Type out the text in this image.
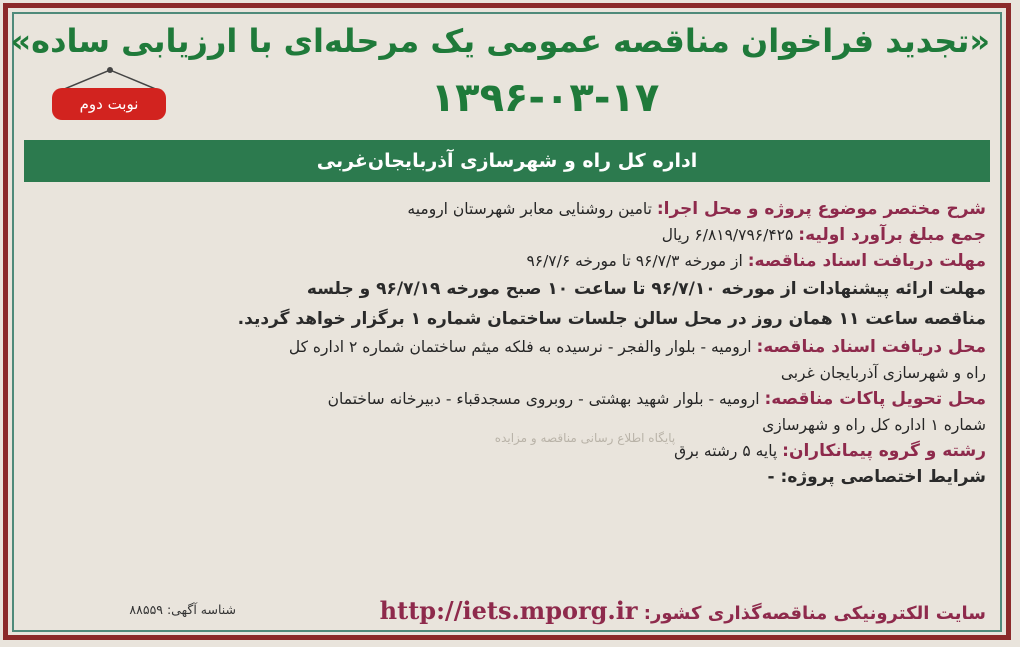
«تجدید فراخوان مناقصه عمومی یک مرحله‌ای با ارزیابی ساده»
۱۳۹۶-۰۳-۱۷
نوبت دوم
اداره کل راه و شهرسازی آذربایجان‌غربی
شرح مختصر موضوع پروژه و محل اجرا: تامین روشنایی معابر شهرستان ارومیه
جمع مبلغ برآورد اولیه: ۶/۸۱۹/۷۹۶/۴۲۵ ریال
مهلت دریافت اسناد مناقصه: از مورخه ۹۶/۷/۳ تا مورخه ۹۶/۷/۶
مهلت ارائه پیشنهادات از مورخه ۹۶/۷/۱۰ تا ساعت ۱۰ صبح مورخه ۹۶/۷/۱۹ و جلسه
مناقصه ساعت ۱۱ همان روز در محل سالن جلسات ساختمان شماره ۱ برگزار خواهد گردید.
محل دریافت اسناد مناقصه: ارومیه - بلوار والفجر - نرسیده به فلکه میثم ساختمان شماره ۲ اداره کل
راه و شهرسازی آذربایجان غربی
محل تحویل پاکات مناقصه: ارومیه - بلوار شهید بهشتی - روبروی مسجدقباء - دبیرخانه ساختمان
شماره ۱ اداره کل راه و شهرسازی
رشته و گروه پیمانکاران: پایه ۵ رشته برق
شرایط اختصاصی پروژه: -
پایگاه اطلاع رسانی مناقصه و مزایده
سایت الکترونیکی مناقصه‌گذاری کشور: http://iets.mporg.ir
شناسه آگهی: ۸۸۵۵۹
